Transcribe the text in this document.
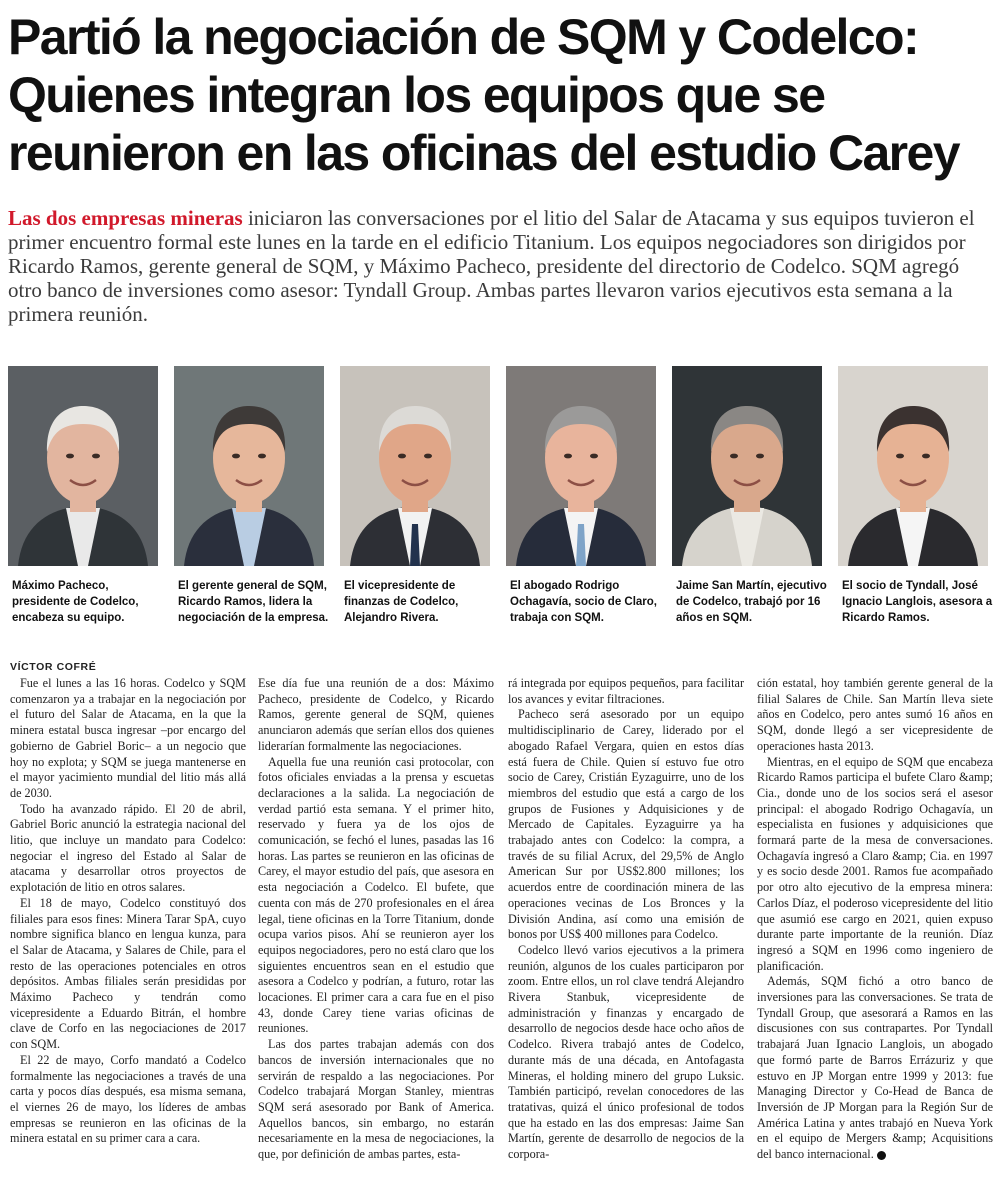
Partió la negociación de SQM y Codelco:
Quienes integran los equipos que se
reunieron en las oficinas del estudio Carey

Las dos empresas mineras iniciaron las conversaciones por el litio del Salar de Atacama y sus equipos tuvieron el primer encuentro formal este lunes en la tarde en el edificio Titanium. Los equipos negociadores son dirigidos por Ricardo Ramos, gerente general de SQM, y Máximo Pacheco, presidente del directorio de Codelco. SQM agregó otro banco de inversiones como asesor: Tyndall Group. Ambas partes llevaron varios ejecutivos esta semana a la primera reunión.

Máximo Pacheco, presidente de Codelco, encabeza su equipo.
El gerente general de SQM, Ricardo Ramos, lidera la negociación de la empresa.
El vicepresidente de finanzas de Codelco, Alejandro Rivera.
El abogado Rodrigo Ochagavía, socio de Claro, trabaja con SQM.
Jaime San Martín, ejecutivo de Codelco, trabajó por 16 años en SQM.
El socio de Tyndall, José Ignacio Langlois, asesora a Ricardo Ramos.
VÍCTOR COFRÉ

Fue el lunes a las 16 horas. Codelco y SQM comenzaron ya a trabajar en la negociación por el futuro del Salar de Atacama, en la que la minera estatal busca ingresar –por encargo del gobierno de Gabriel Boric– a un negocio que hoy no explota; y SQM se juega mantenerse en el mayor yacimiento mundial del litio más allá de 2030.

Todo ha avanzado rápido. El 20 de abril, Gabriel Boric anunció la estrategia nacional del litio, que incluye un mandato para Codelco: negociar el ingreso del Estado al Salar de atacama y desarrollar otros proyectos de explotación de litio en otros salares.

El 18 de mayo, Codelco constituyó dos filiales para esos fines: Minera Tarar SpA, cuyo nombre significa blanco en lengua kunza, para el Salar de Atacama, y Salares de Chile, para el resto de las operaciones potenciales en otros depósitos. Ambas filiales serán presididas por Máximo Pacheco y tendrán como vicepresidente a Eduardo Bitrán, el hombre clave de Corfo en las negociaciones de 2017 con SQM.

El 22 de mayo, Corfo mandató a Codelco formalmente las negociaciones a través de una carta y pocos días después, esa misma semana, el viernes 26 de mayo, los líderes de ambas empresas se reunieron en las oficinas de la minera estatal en su primer cara a cara.

Ese día fue una reunión de a dos: Máximo Pacheco, presidente de Codelco, y Ricardo Ramos, gerente general de SQM, quienes anunciaron además que serían ellos dos quienes liderarían formalmente las negociaciones.

Aquella fue una reunión casi protocolar, con fotos oficiales enviadas a la prensa y escuetas declaraciones a la salida. La negociación de verdad partió esta semana. Y el primer hito, reservado y fuera ya de los ojos de comunicación, se fechó el lunes, pasadas las 16 horas. Las partes se reunieron en las oficinas de Carey, el mayor estudio del país, que asesora en esta negociación a Codelco. El bufete, que cuenta con más de 270 profesionales en el área legal, tiene oficinas en la Torre Titanium, donde ocupa varios pisos. Ahí se reunieron ayer los equipos negociadores, pero no está claro que los siguientes encuentros sean en el estudio que asesora a Codelco y podrían, a futuro, rotar las locaciones. El primer cara a cara fue en el piso 43, donde Carey tiene varias oficinas de reuniones.

Las dos partes trabajan además con dos bancos de inversión internacionales que no servirán de respaldo a las negociaciones. Por Codelco trabajará Morgan Stanley, mientras SQM será asesorado por Bank of America. Aquellos bancos, sin embargo, no estarán necesariamente en la mesa de negociaciones, la que, por definición de ambas partes, esta-

rá integrada por equipos pequeños, para facilitar los avances y evitar filtraciones.

Pacheco será asesorado por un equipo multidisciplinario de Carey, liderado por el abogado Rafael Vergara, quien en estos días está fuera de Chile. Quien sí estuvo fue otro socio de Carey, Cristián Eyzaguirre, uno de los miembros del estudio que está a cargo de los grupos de Fusiones y Adquisiciones y de Mercado de Capitales. Eyzaguirre ya ha trabajado antes con Codelco: la compra, a través de su filial Acrux, del 29,5% de Anglo American Sur por US$2.800 millones; los acuerdos entre de coordinación minera de las operaciones vecinas de Los Bronces y la División Andina, así como una emisión de bonos por US$ 400 millones para Codelco.

Codelco llevó varios ejecutivos a la primera reunión, algunos de los cuales participaron por zoom. Entre ellos, un rol clave tendrá Alejandro Rivera Stanbuk, vicepresidente de administración y finanzas y encargado de desarrollo de negocios desde hace ocho años de Codelco. Rivera trabajó antes de Codelco, durante más de una década, en Antofagasta Mineras, el holding minero del grupo Luksic. También participó, revelan conocedores de las tratativas, quizá el único profesional de todos que ha estado en las dos empresas: Jaime San Martín, gerente de desarrollo de negocios de la corpora-

ción estatal, hoy también gerente general de la filial Salares de Chile. San Martín lleva siete años en Codelco, pero antes sumó 16 años en SQM, donde llegó a ser vicepresidente de operaciones hasta 2013.

Mientras, en el equipo de SQM que encabeza Ricardo Ramos participa el bufete Claro &amp; Cia., donde uno de los socios será el asesor principal: el abogado Rodrigo Ochagavía, un especialista en fusiones y adquisiciones que formará parte de la mesa de conversaciones. Ochagavía ingresó a Claro &amp; Cia. en 1997 y es socio desde 2001. Ramos fue acompañado por otro alto ejecutivo de la empresa minera: Carlos Díaz, el poderoso vicepresidente del litio que asumió ese cargo en 2021, quien expuso durante parte importante de la reunión. Díaz ingresó a SQM en 1996 como ingeniero de planificación.

Además, SQM fichó a otro banco de inversiones para las conversaciones. Se trata de Tyndall Group, que asesorará a Ramos en las discusiones con sus contrapartes. Por Tyndall trabajará Juan Ignacio Langlois, un abogado que formó parte de Barros Errázuriz y que estuvo en JP Morgan entre 1999 y 2013: fue Managing Director y Co-Head de Banca de Inversión de JP Morgan para la Región Sur de América Latina y antes trabajó en Nueva York en el equipo de Mergers &amp; Acquisitions del banco internacional.
